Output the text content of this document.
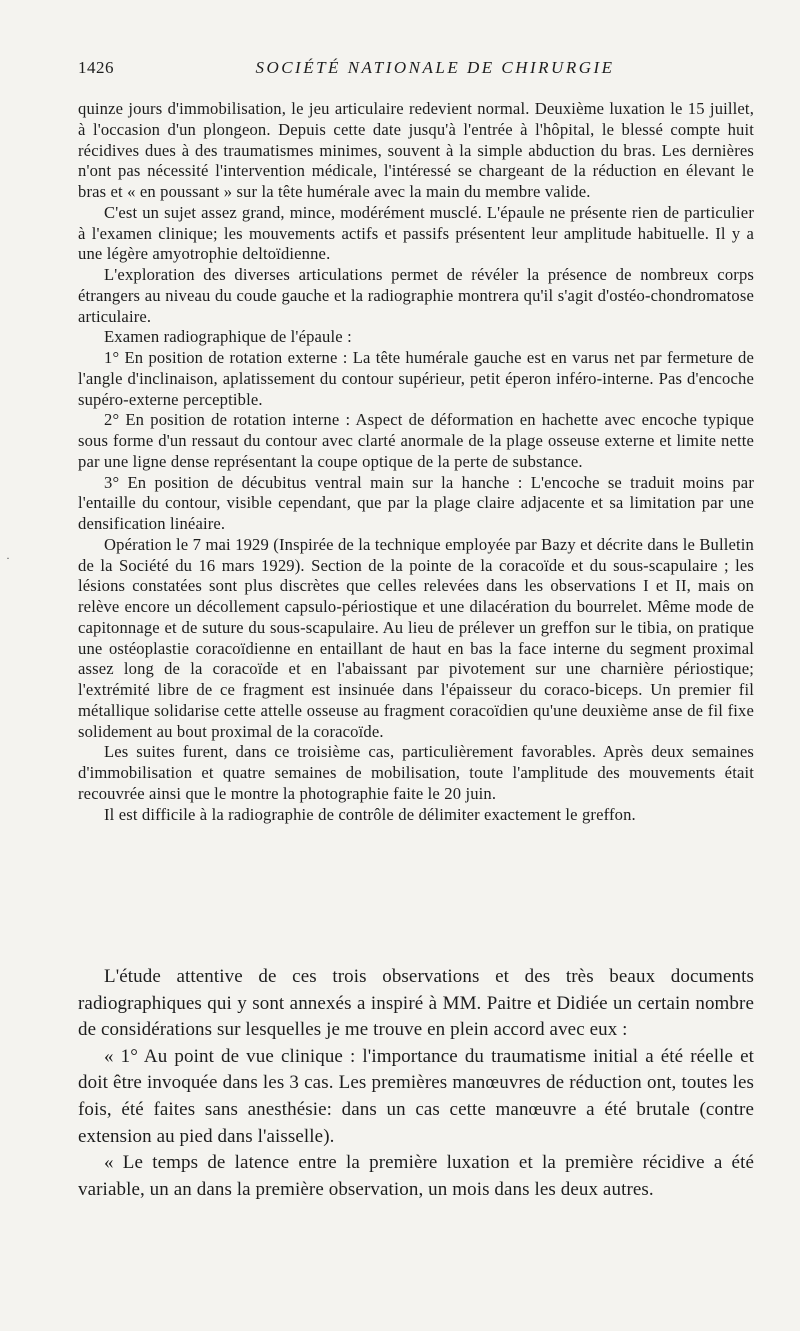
1426	SOCIÉTÉ NATIONALE DE CHIRURGIE
·

quinze jours d'immobilisation, le jeu articulaire redevient normal. Deuxième luxation le 15 juillet, à l'occasion d'un plongeon. Depuis cette date jusqu'à l'entrée à l'hôpital, le blessé compte huit récidives dues à des traumatismes minimes, souvent à la simple abduction du bras. Les dernières n'ont pas nécessité l'intervention médicale, l'intéressé se chargeant de la réduction en élevant le bras et « en poussant » sur la tête humérale avec la main du membre valide.

C'est un sujet assez grand, mince, modérément musclé. L'épaule ne présente rien de particulier à l'examen clinique; les mouvements actifs et passifs présentent leur amplitude habituelle. Il y a une légère amyotrophie deltoïdienne.

L'exploration des diverses articulations permet de révéler la présence de nombreux corps étrangers au niveau du coude gauche et la radiographie montrera qu'il s'agit d'ostéo-chondromatose articulaire.

Examen radiographique de l'épaule :

1° En position de rotation externe : La tête humérale gauche est en varus net par fermeture de l'angle d'inclinaison, aplatissement du contour supérieur, petit éperon inféro-interne. Pas d'encoche supéro-externe perceptible.

2° En position de rotation interne : Aspect de déformation en hachette avec encoche typique sous forme d'un ressaut du contour avec clarté anormale de la plage osseuse externe et limite nette par une ligne dense représentant la coupe optique de la perte de substance.

3° En position de décubitus ventral main sur la hanche : L'encoche se traduit moins par l'entaille du contour, visible cependant, que par la plage claire adjacente et sa limitation par une densification linéaire.

Opération le 7 mai 1929 (Inspirée de la technique employée par Bazy et décrite dans le Bulletin de la Société du 16 mars 1929). Section de la pointe de la coracoïde et du sous-scapulaire ; les lésions constatées sont plus discrètes que celles relevées dans les observations I et II, mais on relève encore un décollement capsulo-périostique et une dilacération du bourrelet. Même mode de capitonnage et de suture du sous-scapulaire. Au lieu de prélever un greffon sur le tibia, on pratique une ostéoplastie coracoïdienne en entaillant de haut en bas la face interne du segment proximal assez long de la coracoïde et en l'abaissant par pivotement sur une charnière périostique; l'extrémité libre de ce fragment est insinuée dans l'épaisseur du coraco-biceps. Un premier fil métallique solidarise cette attelle osseuse au fragment coracoïdien qu'une deuxième anse de fil fixe solidement au bout proximal de la coracoïde.

Les suites furent, dans ce troisième cas, particulièrement favorables. Après deux semaines d'immobilisation et quatre semaines de mobilisation, toute l'amplitude des mouvements était recouvrée ainsi que le montre la photographie faite le 20 juin.

Il est difficile à la radiographie de contrôle de délimiter exactement le greffon.

L'étude attentive de ces trois observations et des très beaux documents radiographiques qui y sont annexés a inspiré à MM. Paitre et Didiée un certain nombre de considérations sur lesquelles je me trouve en plein accord avec eux :

« 1° Au point de vue clinique : l'importance du traumatisme initial a été réelle et doit être invoquée dans les 3 cas. Les premières manœuvres de réduction ont, toutes les fois, été faites sans anesthésie: dans un cas cette manœuvre a été brutale (contre extension au pied dans l'aisselle).

« Le temps de latence entre la première luxation et la première récidive a été variable, un an dans la première observation, un mois dans les deux autres.
